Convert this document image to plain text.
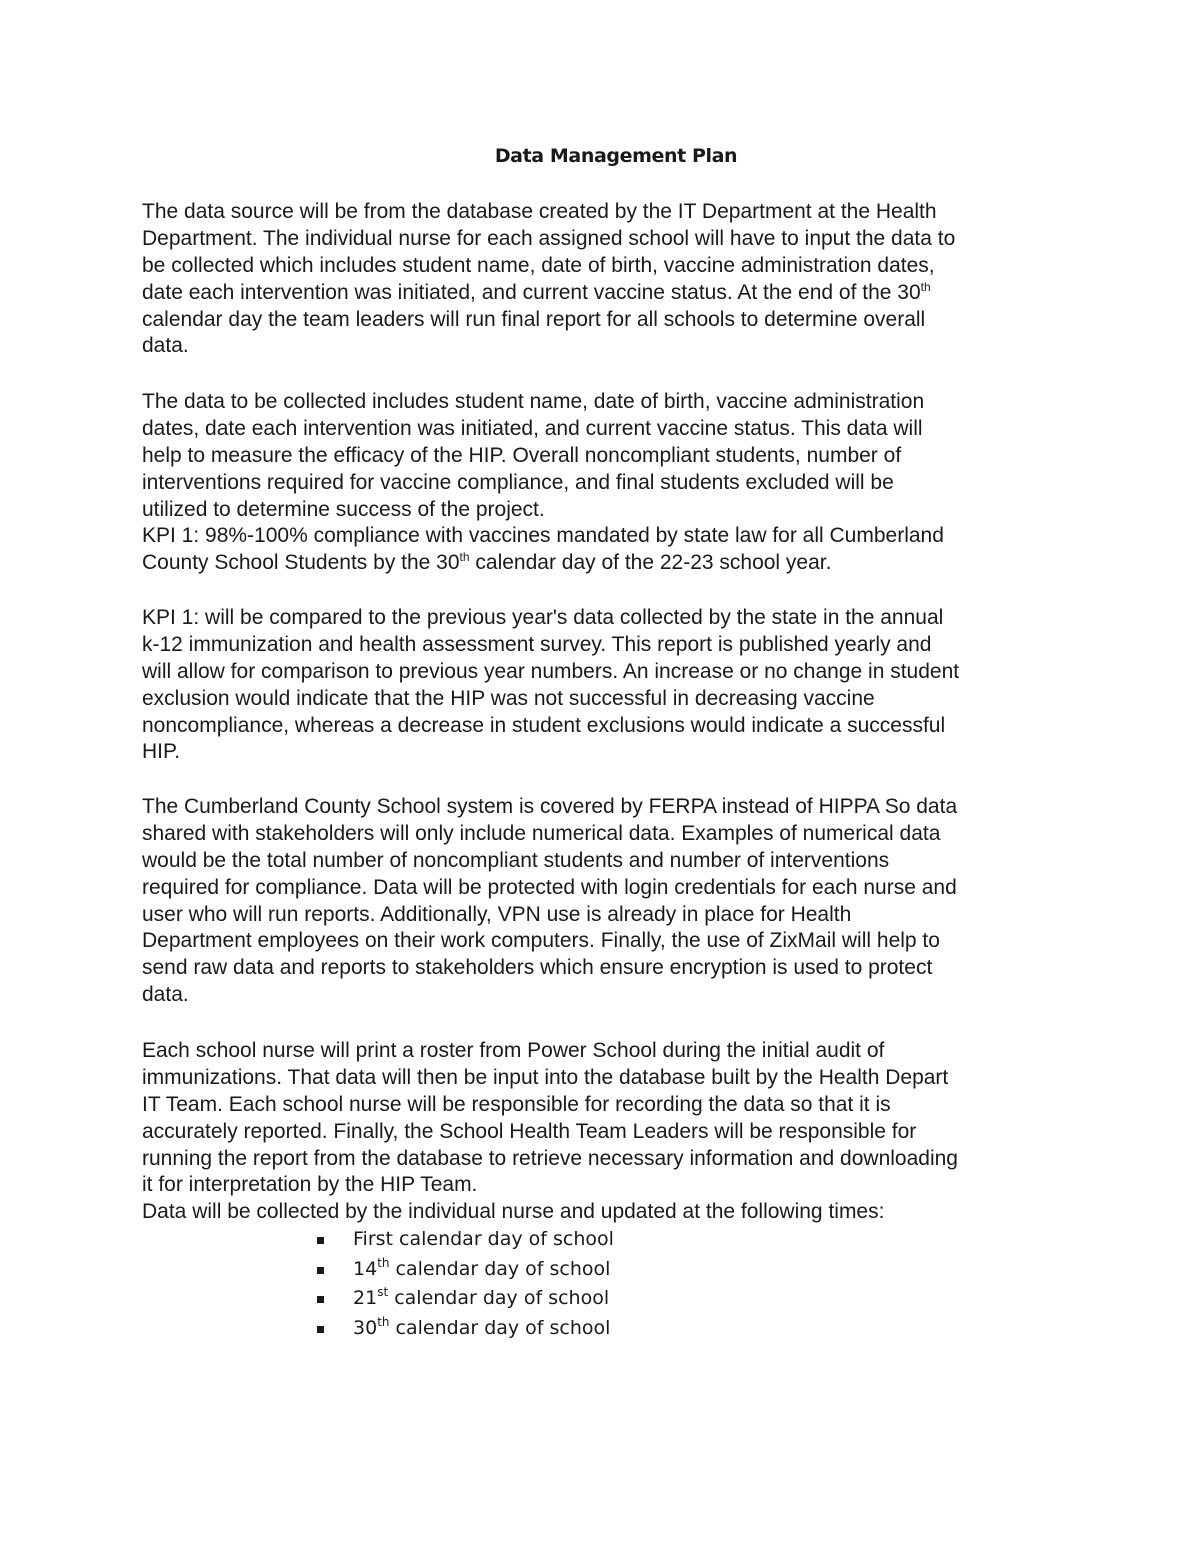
Data Management Plan
The data source will be from the database created by the IT Department at the Health
Department. The individual nurse for each assigned school will have to input the data to
be collected which includes student name, date of birth, vaccine administration dates,
date each intervention was initiated, and current vaccine status. At the end of the 30th
calendar day the team leaders will run final report for all schools to determine overall
data.
The data to be collected includes student name, date of birth, vaccine administration
dates, date each intervention was initiated, and current vaccine status. This data will
help to measure the efficacy of the HIP. Overall noncompliant students, number of
interventions required for vaccine compliance, and final students excluded will be
utilized to determine success of the project.
KPI 1: 98%-100% compliance with vaccines mandated by state law for all Cumberland
County School Students by the 30th calendar day of the 22-23 school year.
KPI 1: will be compared to the previous year's data collected by the state in the annual
k-12 immunization and health assessment survey. This report is published yearly and
will allow for comparison to previous year numbers. An increase or no change in student
exclusion would indicate that the HIP was not successful in decreasing vaccine
noncompliance, whereas a decrease in student exclusions would indicate a successful
HIP.
The Cumberland County School system is covered by FERPA instead of HIPPA So data
shared with stakeholders will only include numerical data. Examples of numerical data
would be the total number of noncompliant students and number of interventions
required for compliance. Data will be protected with login credentials for each nurse and
user who will run reports. Additionally, VPN use is already in place for Health
Department employees on their work computers. Finally, the use of ZixMail will help to
send raw data and reports to stakeholders which ensure encryption is used to protect
data.
Each school nurse will print a roster from Power School during the initial audit of
immunizations. That data will then be input into the database built by the Health Depart
IT Team. Each school nurse will be responsible for recording the data so that it is
accurately reported. Finally, the School Health Team Leaders will be responsible for
running the report from the database to retrieve necessary information and downloading
it for interpretation by the HIP Team.
Data will be collected by the individual nurse and updated at the following times:
First calendar day of school
14th calendar day of school
21st calendar day of school
30th calendar day of school
